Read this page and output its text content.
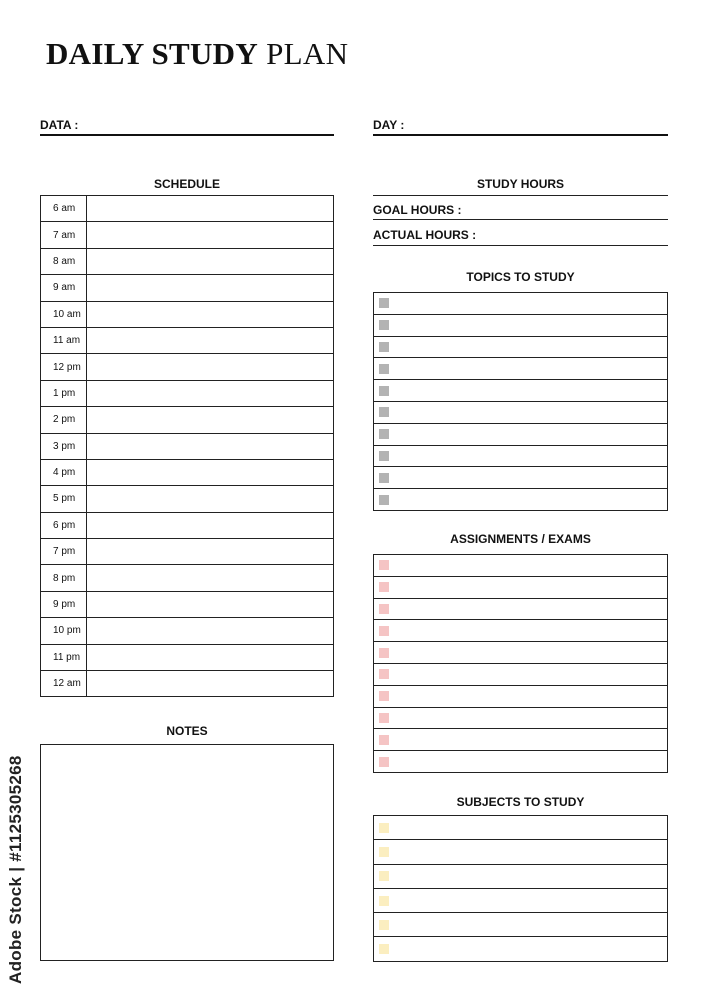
DAILY STUDY PLAN
DATA :	DAY :
SCHEDULE
6 am	
7 am	
8 am	
9 am	
10 am	
11 am	
12 pm	
1 pm	
2 pm	
3 pm	
4 pm	
5 pm	
6 pm	
7 pm	
8 pm	
9 pm	
10 pm	
11 pm	
12 am	
NOTES
STUDY HOURS
GOAL HOURS :
ACTUAL HOURS :
TOPICS TO STUDY

ASSIGNMENTS / EXAMS

SUBJECTS TO STUDY

Adobe Stock | #1125305268
